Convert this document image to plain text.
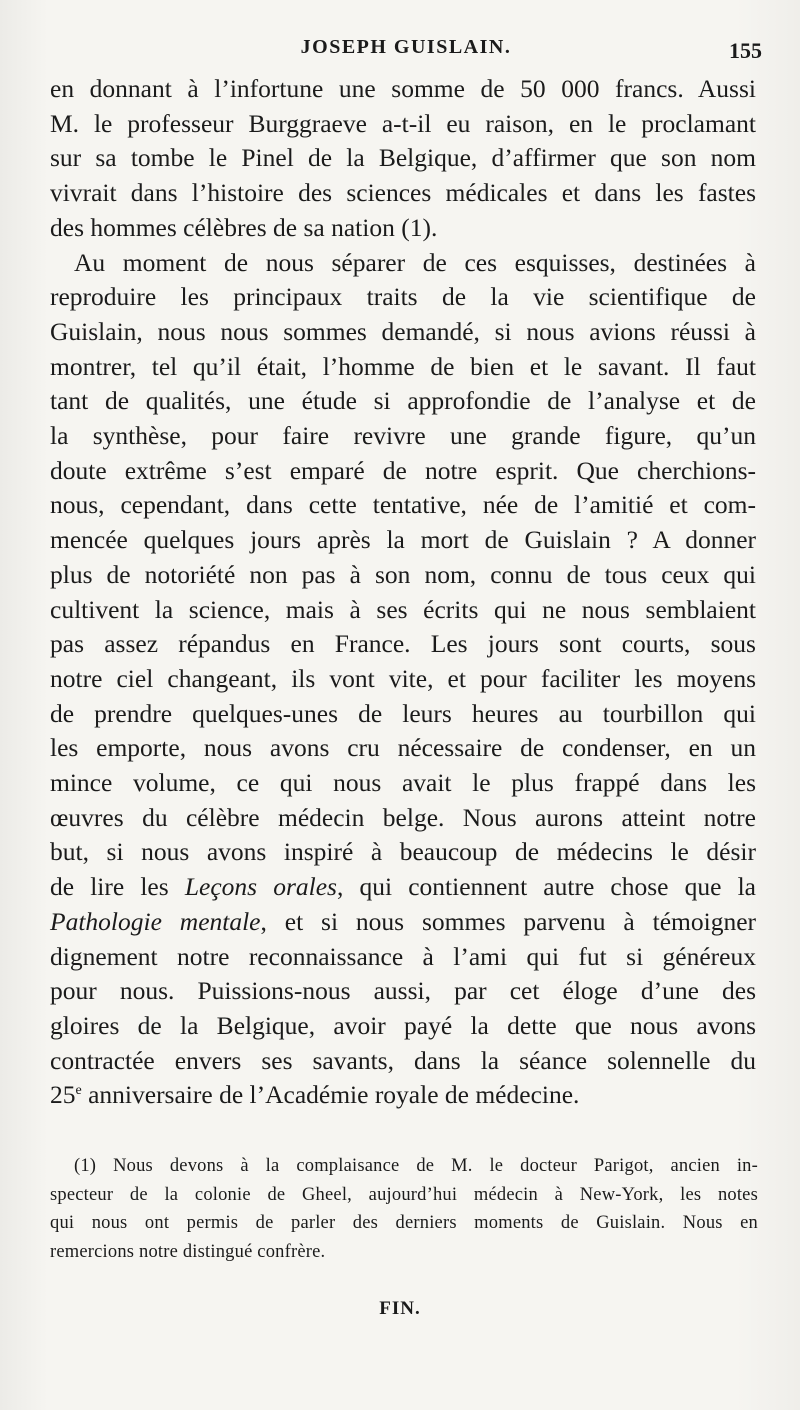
JOSEPH GUISLAIN.	155
en donnant à l’infortune une somme de 50 000 francs. Aussi
M. le professeur Burggraeve a-t-il eu raison, en le proclamant
sur sa tombe le Pinel de la Belgique, d’affirmer que son nom
vivrait dans l’histoire des sciences médicales et dans les fastes
des hommes célèbres de sa nation (1).
Au moment de nous séparer de ces esquisses, destinées à
reproduire les principaux traits de la vie scientifique de
Guislain, nous nous sommes demandé, si nous avions réussi à
montrer, tel qu’il était, l’homme de bien et le savant. Il faut
tant de qualités, une étude si approfondie de l’analyse et de
la synthèse, pour faire revivre une grande figure, qu’un
doute extrême s’est emparé de notre esprit. Que cherchions-
nous, cependant, dans cette tentative, née de l’amitié et com-
mencée quelques jours après la mort de Guislain ? A donner
plus de notoriété non pas à son nom, connu de tous ceux qui
cultivent la science, mais à ses écrits qui ne nous semblaient
pas assez répandus en France. Les jours sont courts, sous
notre ciel changeant, ils vont vite, et pour faciliter les moyens
de prendre quelques-unes de leurs heures au tourbillon qui
les emporte, nous avons cru nécessaire de condenser, en un
mince volume, ce qui nous avait le plus frappé dans les
œuvres du célèbre médecin belge. Nous aurons atteint notre
but, si nous avons inspiré à beaucoup de médecins le désir
de lire les Leçons orales, qui contiennent autre chose que la
Pathologie mentale, et si nous sommes parvenu à témoigner
dignement notre reconnaissance à l’ami qui fut si généreux
pour nous. Puissions-nous aussi, par cet éloge d’une des
gloires de la Belgique, avoir payé la dette que nous avons
contractée envers ses savants, dans la séance solennelle du
25e anniversaire de l’Académie royale de médecine.
(1) Nous devons à la complaisance de M. le docteur Parigot, ancien in-
specteur de la colonie de Gheel, aujourd’hui médecin à New-York, les notes
qui nous ont permis de parler des derniers moments de Guislain. Nous en
remercions notre distingué confrère.
FIN.
